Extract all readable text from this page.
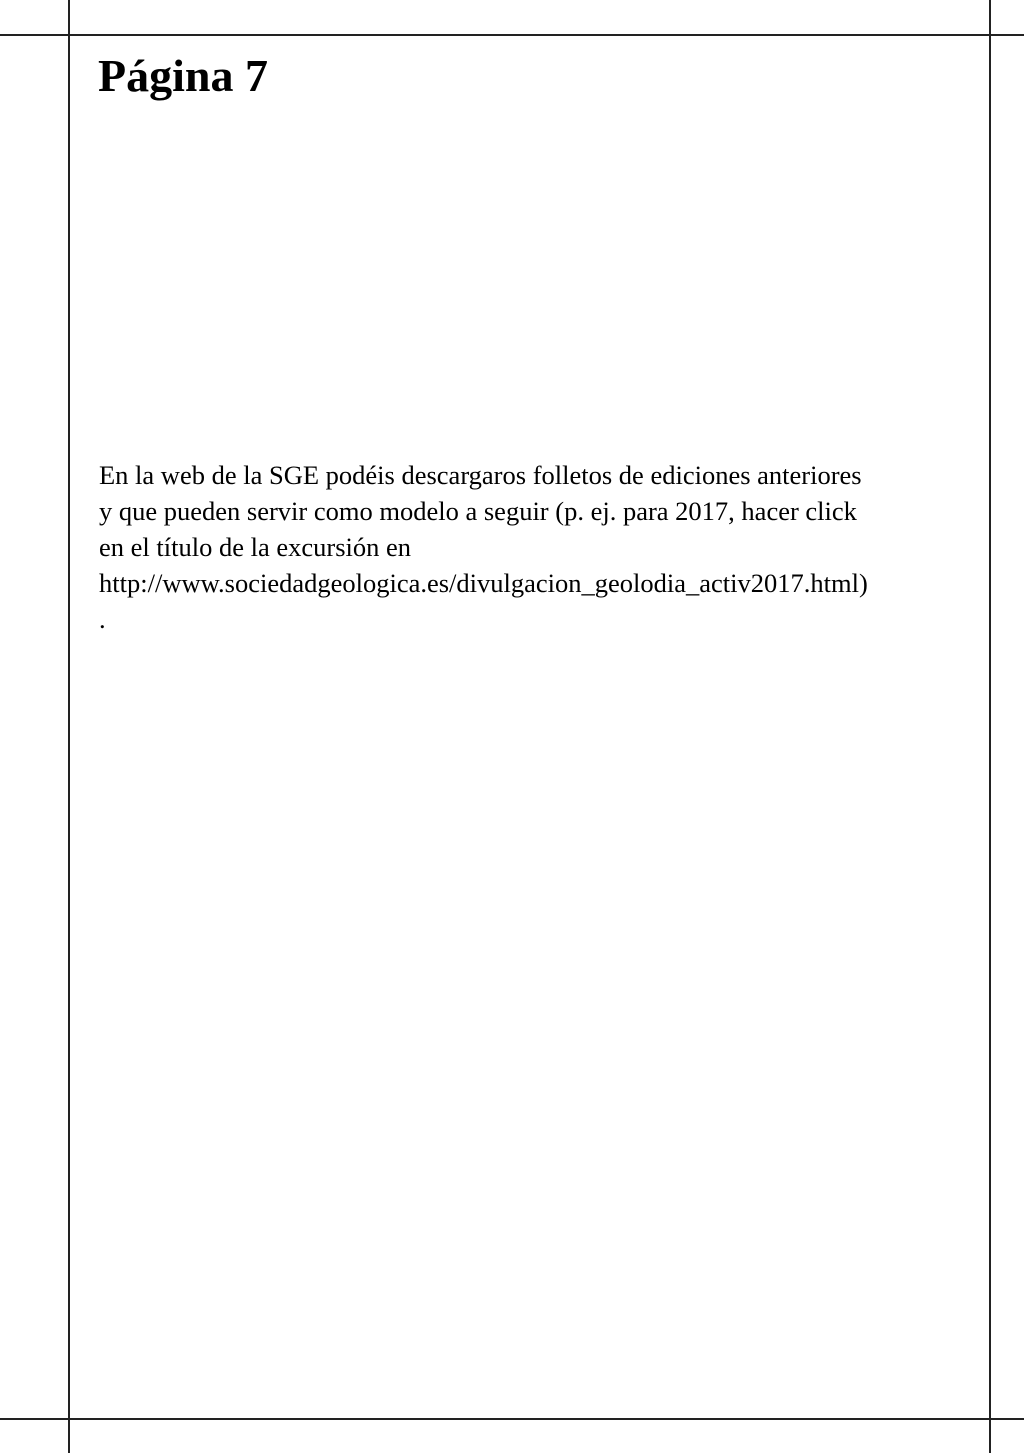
Página 7

En la web de la SGE podéis descargaros folletos de ediciones anteriores
y que pueden servir como modelo a seguir (p. ej. para 2017, hacer click
en el título de la excursión en
http://www.sociedadgeologica.es/divulgacion_geolodia_activ2017.html)
.
